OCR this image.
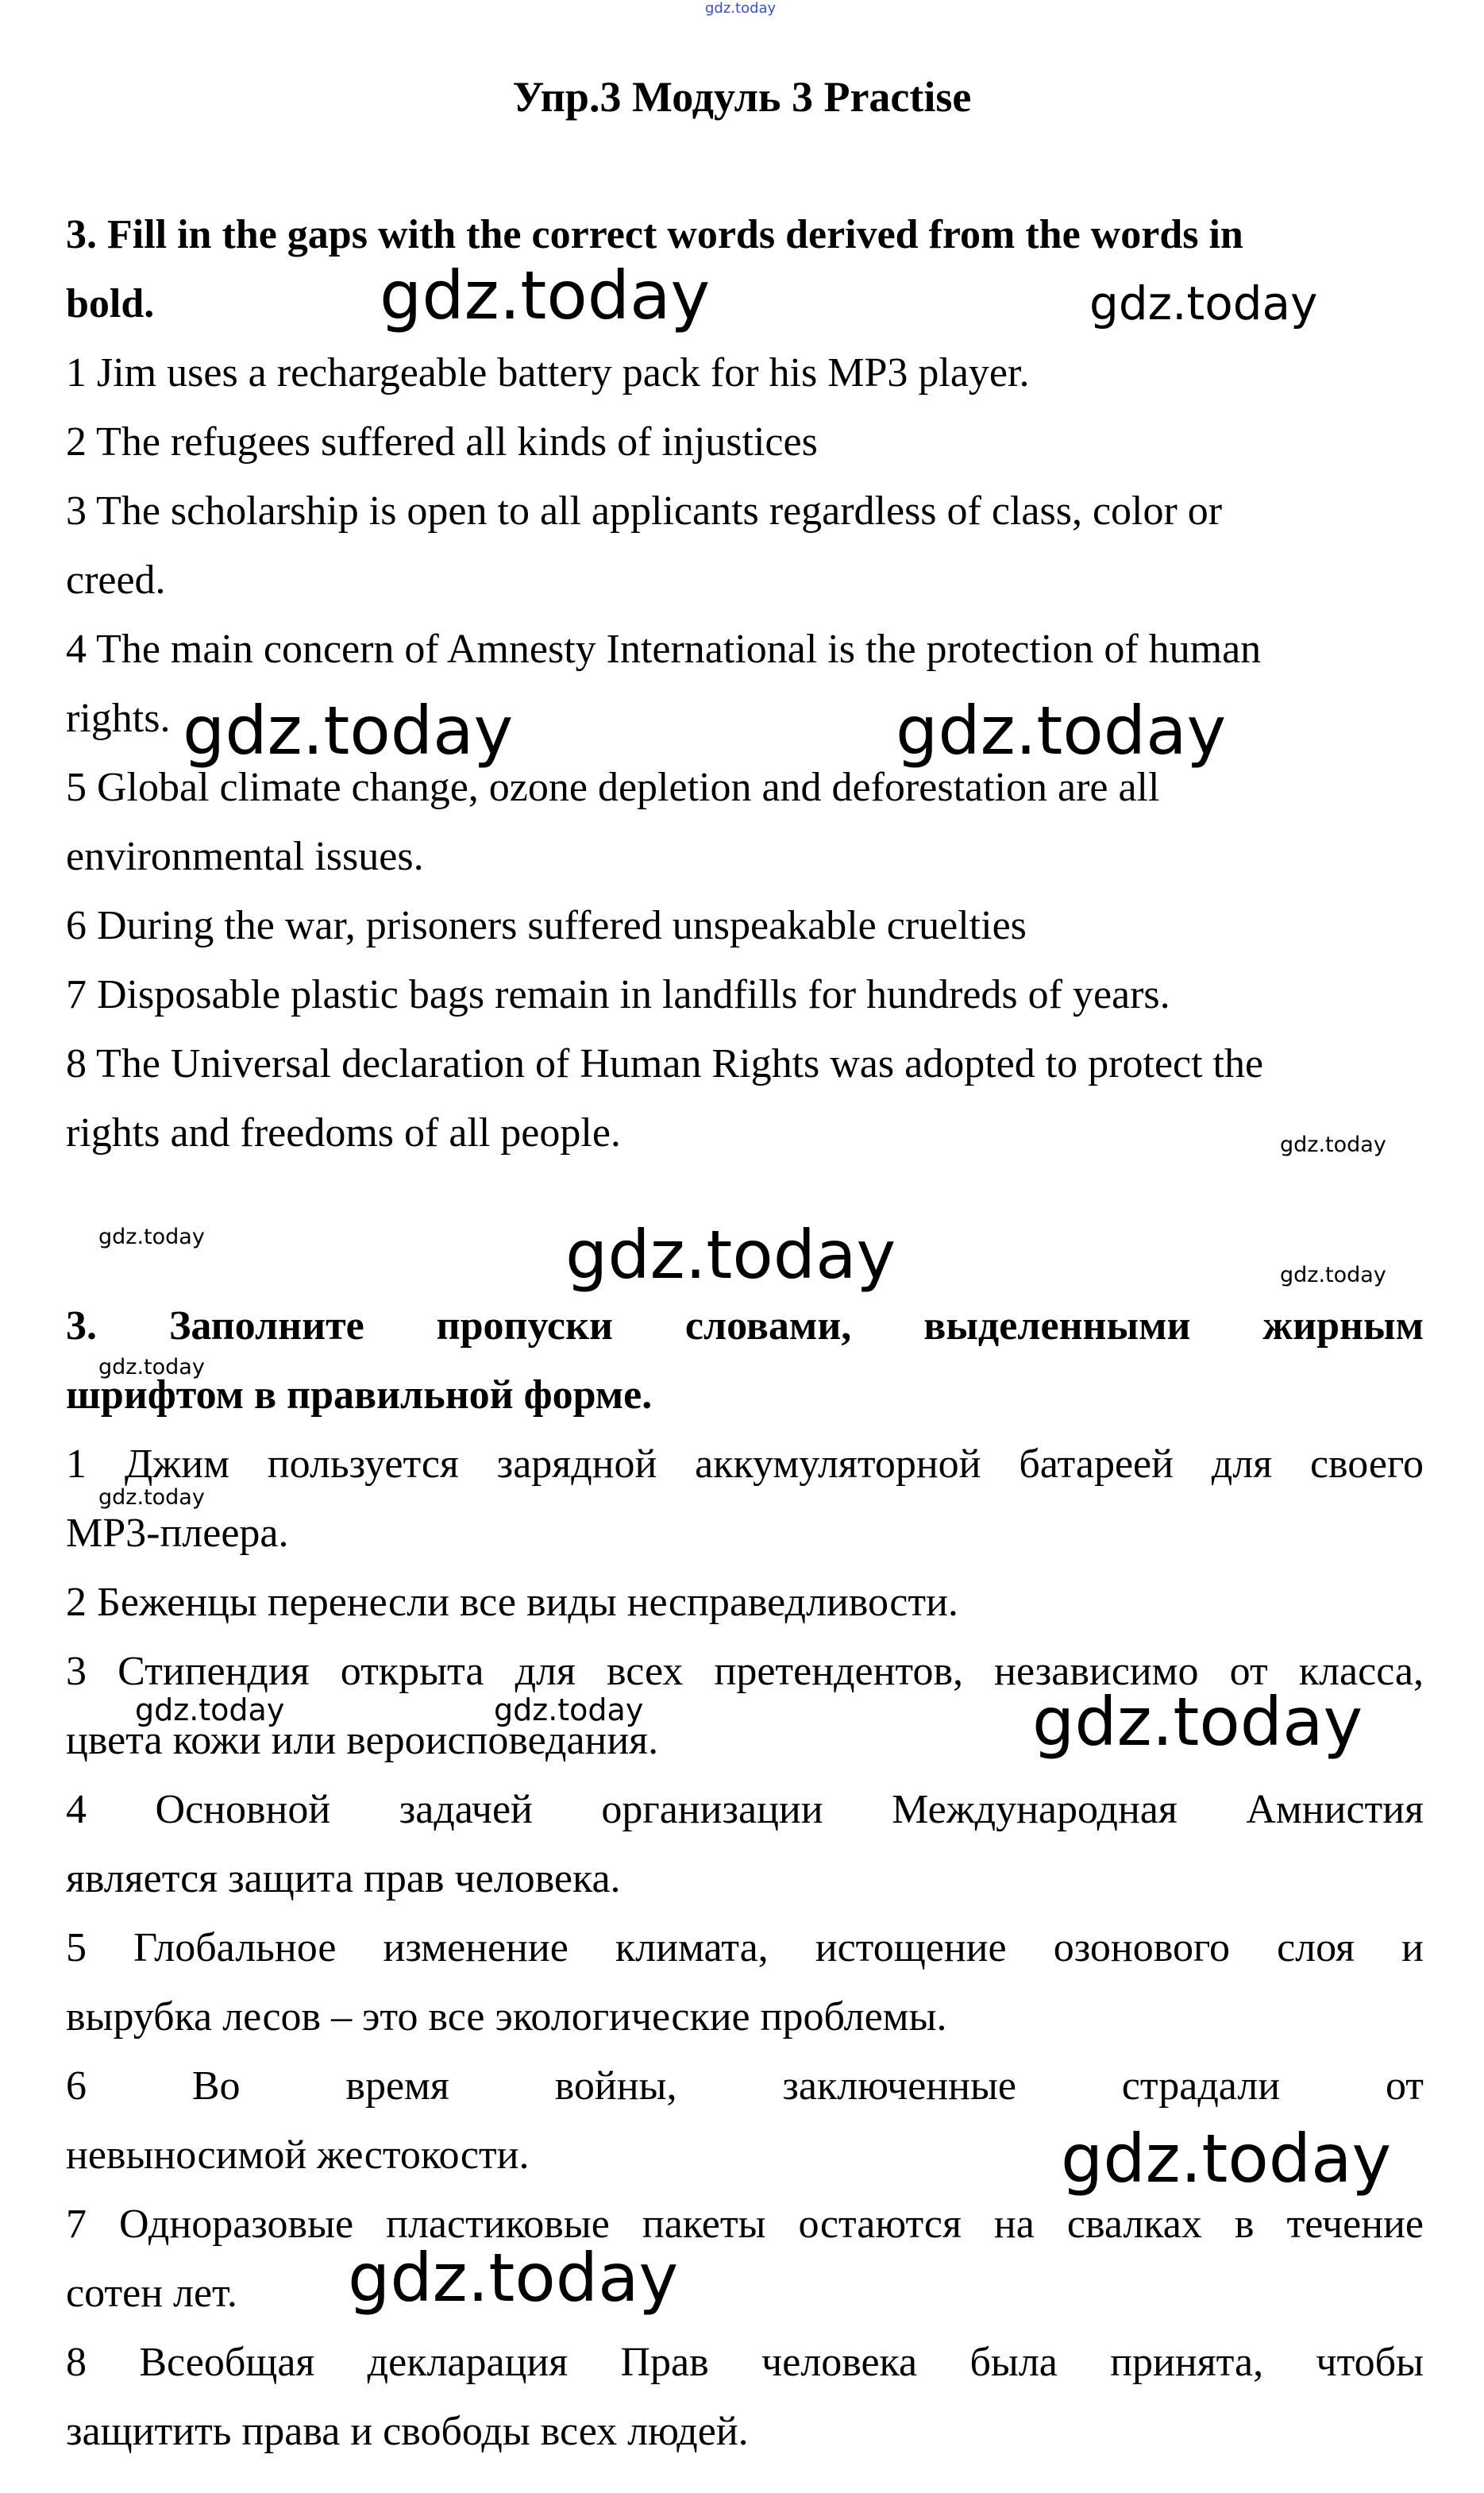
gdz.today
Упр.3 Модуль 3 Practise

3. Fill in the gaps with the correct words derived from the words in

bold.

1 Jim uses a rechargeable battery pack for his MP3 player.

2 The refugees suffered all kinds of injustices

3 The scholarship is open to all applicants regardless of class, color or

creed.

4 The main concern of Amnesty International is the protection of human

rights.

5 Global climate change, ozone depletion and deforestation are all

environmental issues.

6 During the war, prisoners suffered unspeakable cruelties

7 Disposable plastic bags remain in landfills for hundreds of years.

8 The Universal declaration of Human Rights was adopted to protect the

rights and freedoms of all people.

3. Заполните пропуски словами, выделенными жирным

шрифтом в правильной форме.

1 Джим пользуется зарядной аккумуляторной батареей для своего

MP3-плеера.

2 Беженцы перенесли все виды несправедливости.

3 Стипендия открыта для всех претендентов, независимо от класса,

цвета кожи или вероисповедания.

4 Основной задачей организации Международная Амнистия

является защита прав человека.

5 Глобальное изменение климата, истощение озонового слоя и

вырубка лесов – это все экологические проблемы.

6 Во время войны, заключенные страдали от

невыносимой жестокости.

7 Одноразовые пластиковые пакеты остаются на свалках в течение

сотен лет.

8 Всеобщая декларация Прав человека была принята, чтобы

защитить права и свободы всех людей.

gdz.today	gdz.today
gdz.today	gdz.today
gdz.today
gdz.today	gdz.today	gdz.today
gdz.today
gdz.today
gdz.today	gdz.today	gdz.today
gdz.today
gdz.today
